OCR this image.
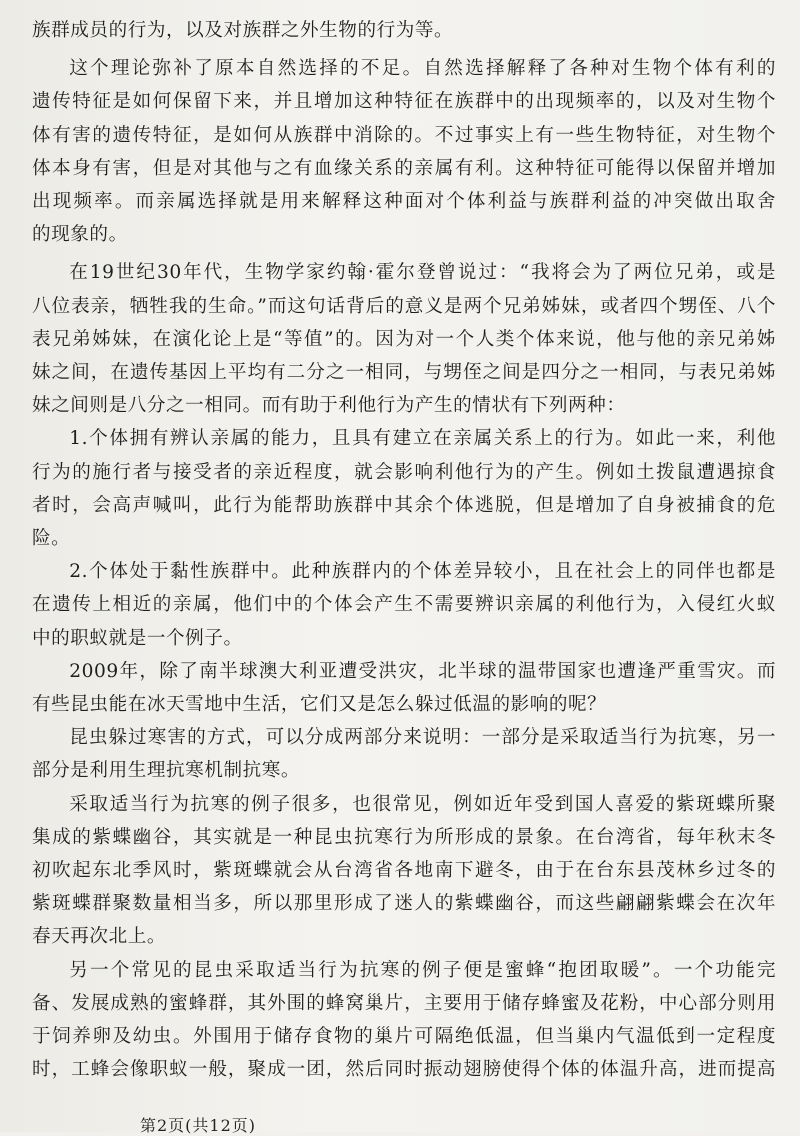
族群成员的行为，以及对族群之外生物的行为等。

这个理论弥补了原本自然选择的不足。自然选择解释了各种对生物个体有利的
遗传特征是如何保留下来，并且增加这种特征在族群中的出现频率的，以及对生物个
体有害的遗传特征，是如何从族群中消除的。不过事实上有一些生物特征，对生物个
体本身有害，但是对其他与之有血缘关系的亲属有利。这种特征可能得以保留并增加
出现频率。而亲属选择就是用来解释这种面对个体利益与族群利益的冲突做出取舍
的现象的。

在19世纪30年代，生物学家约翰·霍尔登曾说过：“我将会为了两位兄弟，或是
八位表亲，牺牲我的生命。”而这句话背后的意义是两个兄弟姊妹，或者四个甥侄、八个
表兄弟姊妹，在演化论上是“等值”的。因为对一个人类个体来说，他与他的亲兄弟姊
妹之间，在遗传基因上平均有二分之一相同，与甥侄之间是四分之一相同，与表兄弟姊
妹之间则是八分之一相同。而有助于利他行为产生的情状有下列两种：

1.个体拥有辨认亲属的能力，且具有建立在亲属关系上的行为。如此一来，利他
行为的施行者与接受者的亲近程度，就会影响利他行为的产生。例如土拨鼠遭遇掠食
者时，会高声喊叫，此行为能帮助族群中其余个体逃脱，但是增加了自身被捕食的危险。

2.个体处于黏性族群中。此种族群内的个体差异较小，且在社会上的同伴也都是
在遗传上相近的亲属，他们中的个体会产生不需要辨识亲属的利他行为，入侵红火蚁
中的职蚁就是一个例子。

2009年，除了南半球澳大利亚遭受洪灾，北半球的温带国家也遭逢严重雪灾。而
有些昆虫能在冰天雪地中生活，它们又是怎么躲过低温的影响的呢？

昆虫躲过寒害的方式，可以分成两部分来说明：一部分是采取适当行为抗寒，另一
部分是利用生理抗寒机制抗寒。

采取适当行为抗寒的例子很多，也很常见，例如近年受到国人喜爱的紫斑蝶所聚
集成的紫蝶幽谷，其实就是一种昆虫抗寒行为所形成的景象。在台湾省，每年秋末冬
初吹起东北季风时，紫斑蝶就会从台湾省各地南下避冬，由于在台东县茂林乡过冬的
紫斑蝶群聚数量相当多，所以那里形成了迷人的紫蝶幽谷，而这些翩翩紫蝶会在次年
春天再次北上。

另一个常见的昆虫采取适当行为抗寒的例子便是蜜蜂“抱团取暖”。一个功能完
备、发展成熟的蜜蜂群，其外围的蜂窝巢片，主要用于储存蜂蜜及花粉，中心部分则用
于饲养卵及幼虫。外围用于储存食物的巢片可隔绝低温，但当巢内气温低到一定程度
时，工蜂会像职蚁一般，聚成一团，然后同时振动翅膀使得个体的体温升高，进而提高

第2页(共12页)
